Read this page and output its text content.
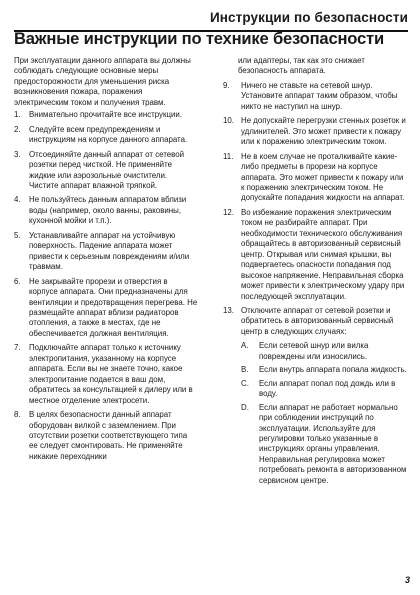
Инструкции по безопасности
Важные инструкции по технике безопасности

При эксплуатации данного аппарата вы должны соблюдать следующие основные меры предосторожности для уменьшения риска возникновения пожара, поражения электрическим током и получения травм.

1.	Внимательно прочитайте все инструкции.
2.	Следуйте всем предупреждениям и инструкциям на корпусе данного аппарата.
3.	Отсоединяйте данный аппарат от сетевой розетки перед чисткой. Не применяйте жидкие или аэрозольные очистители. Чистите аппарат влажной тряпкой.
4.	Не пользуйтесь данным аппаратом вблизи воды (например, около ванны, раковины, кухонной мойки и т.п.).
5.	Устанавливайте аппарат на устойчивую поверхность. Падение аппарата может привести к серьезным повреждениям и/или травмам.
6.	Не закрывайте прорези и отверстия в корпусе аппарата. Они предназначены для вентиляции и предотвращения перегрева. Не размещайте аппарат вблизи радиаторов отопления, а также в местах, где не обеспечивается должная вентиляция.
7.	Подключайте аппарат только к источнику электропитания, указанному на корпусе аппарата. Если вы не знаете точно, какое электропитание подается в ваш дом, обратитесь за консультацией к дилеру или в местное отделение электросети.
8.	В целях безопасности данный аппарат оборудован вилкой с заземлением. При отсутствии розетки соответствующего типа ее следует смонтировать. Не применяйте никакие переходники
или адаптеры, так как это снижает безопасность аппарата.
9.	Ничего не ставьте на сетевой шнур. Установите аппарат таким образом, чтобы никто не наступил на шнур.
10. Не допускайте перегрузки стенных розеток и удлинителей. Это может привести к пожару или к поражению электрическим током.
11. Не в коем случае не проталкивайте какие-либо предметы в прорези на корпусе аппарата. Это может привести к пожару или к поражению электрическим током. Не допускайте попадания жидкости на аппарат.
12. Во избежание поражения электрическим током не разбирайте аппарат. При необходимости технического обслуживания обращайтесь в авторизованный сервисный центр. Открывая или снимая крышки, вы подвергаетесь опасности попадания под высокое напряжение. Неправильная сборка может привести к электрическому удару при последующей эксплуатации.
13. Отключите аппарат от сетевой розетки и обратитесь в авторизованный сервисный центр в следующих случаях:
A.	Если сетевой шнур или вилка повреждены или износились.
B.	Если внутрь аппарата попала жидкость.
C.	Если аппарат попал под дождь или в воду.
D.	Если аппарат не работает нормально при соблюдении инструкций по эксплуатации. Используйте для регулировки только указанные в инструкциях органы управления. Неправильная регулировка может потребовать ремонта в авторизованном сервисном центре.
3
